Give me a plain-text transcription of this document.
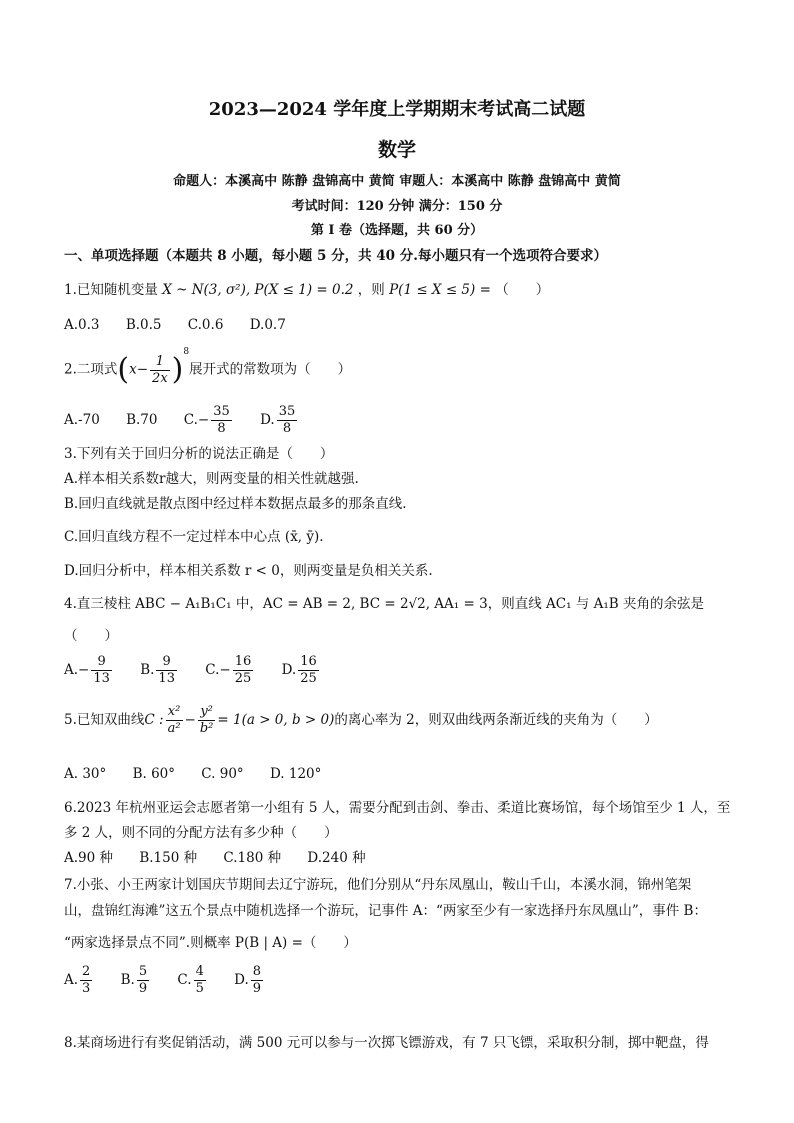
2023—2024 学年度上学期期末考试高二试题
数学
命题人：本溪高中 陈静 盘锦高中 黄简 审题人：本溪高中 陈静 盘锦高中 黄简
考试时间：120 分钟 满分：150 分
第 I 卷（选择题，共 60 分）
一、单项选择题（本题共 8 小题，每小题 5 分，共 40 分.每小题只有一个选项符合要求）
1.已知随机变量 X ~ N(3, σ²), P(X ≤ 1) = 0.2 ，则 P(1 ≤ X ≤ 5) = （　　）
A.0.3 B.0.5 C.0.6 D.0.7
2.二项式$(x- \frac{1}{2x} )^8$展开式的常数项为（　　）
A.-70 B.70 $C.- \frac{35}{8} D$. $\frac{35}{8}$
3.下列有关于回归分析的说法正确是（　　）
A.样本相关系数r越大，则两变量的相关性就越强.
B.回归直线就是散点图中经过样本数据点最多的那条直线.
C.回归直线方程不一定过样本中心点 (x̄, ȳ).
D.回归分析中，样本相关系数 r < 0，则两变量是负相关关系.
4.直三棱柱 ABC − A₁B₁C₁ 中，AC = AB = 2, BC = 2√2, AA₁ = 3，则直线 AC₁ 与 A₁B 夹角的余弦是
（　　）
$A.- \frac{9}{13} B$. $\frac{9}{13} C.- \frac{16}{25} D$. $\frac{16}{25}$
5.已知双曲线C : $\frac{\text{x²}}{\text{a²}} - \frac{\text{y²}}{\text{b²}} = 1(a > 0$, b > 0)的离心率为 2，则双曲线两条渐近线的夹角为（　　）
A. 30° B. 60° C. 90° D. 120°
6.2023 年杭州亚运会志愿者第一小组有 5 人，需要分配到击剑、拳击、柔道比赛场馆，每个场馆至少 1 人，至
多 2 人，则不同的分配方法有多少种（　　）
A.90 种 B.150 种 C.180 种 D.240 种
7.小张、小王两家计划国庆节期间去辽宁游玩，他们分别从“丹东凤凰山，鞍山千山，本溪水洞，锦州笔架
山，盘锦红海滩”这五个景点中随机选择一个游玩，记事件 A：“两家至少有一家选择丹东凤凰山”，事件 B：
“两家选择景点不同”.则概率 P(B | A) =（　　）
A. $\frac{2}{3} B$. $\frac{5}{9} C$. $\frac{4}{5} D$. $\frac{8}{9}$
8.某商场进行有奖促销活动，满 500 元可以参与一次掷飞镖游戏，有 7 只飞镖，采取积分制，掷中靶盘，得
